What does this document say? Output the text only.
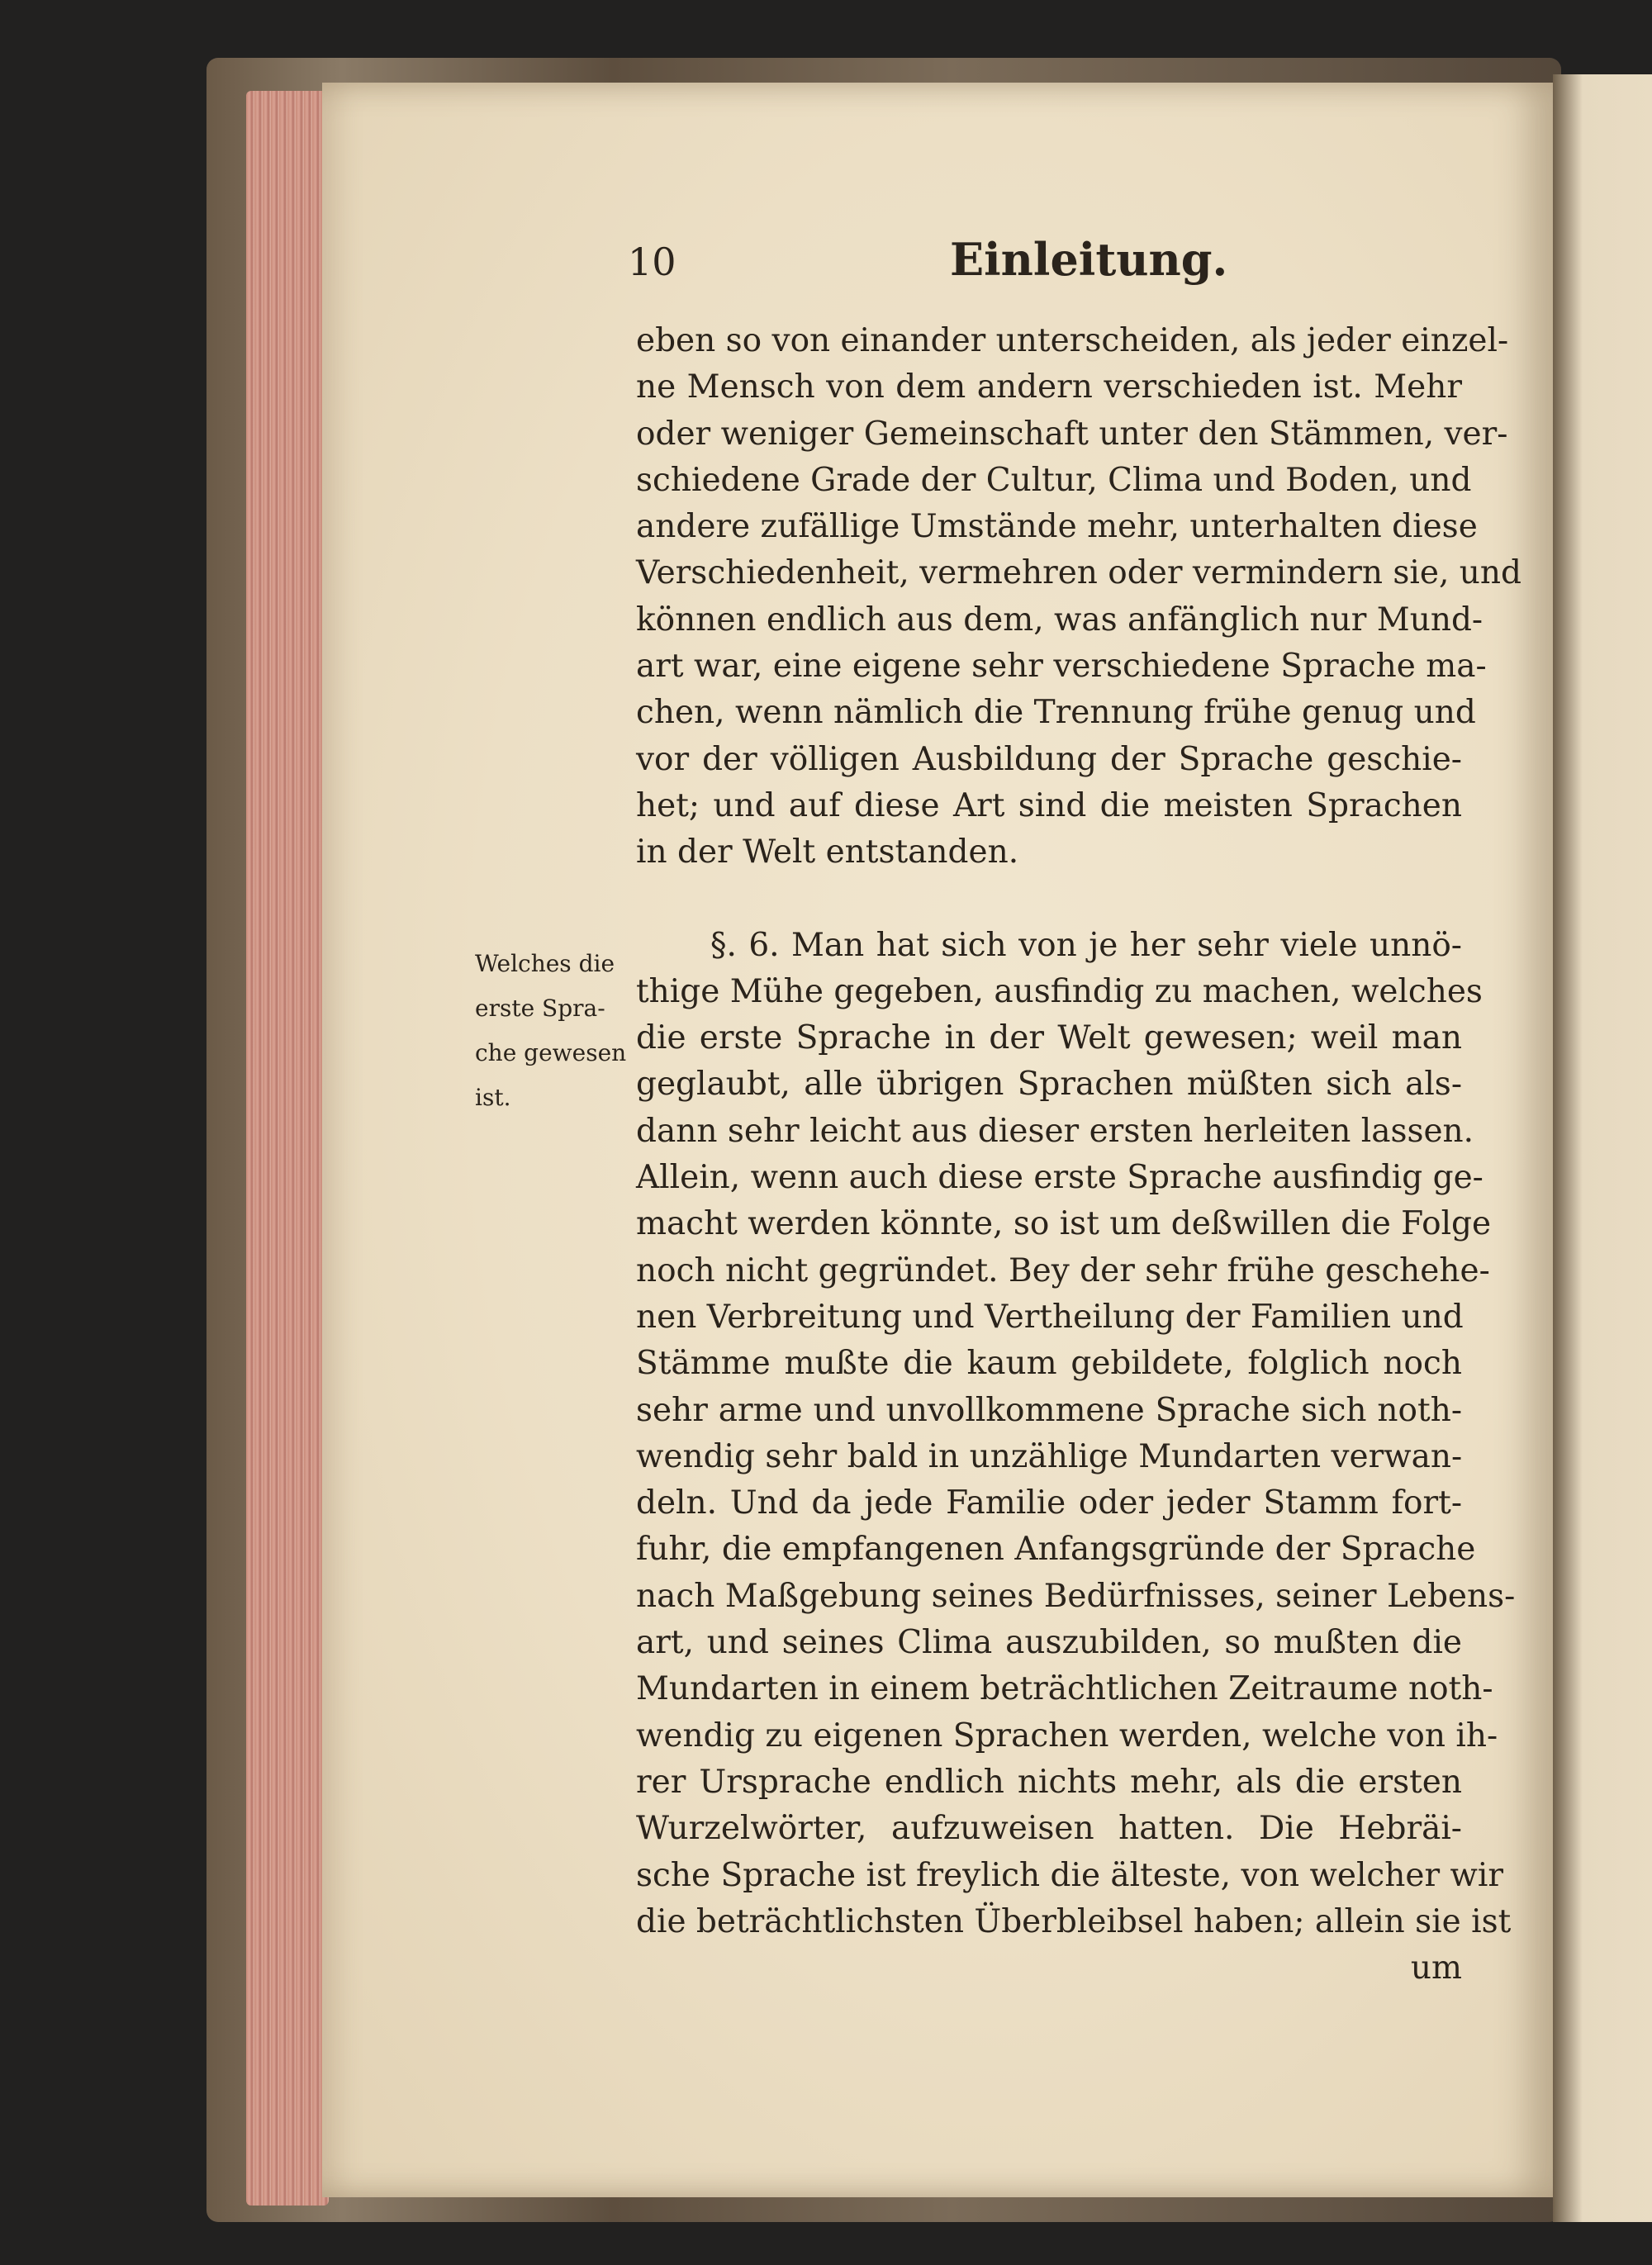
10	Einleitung.
Welches die
erste Spra-
che gewesen
ist.
eben so von einander unterscheiden, als jeder einzel-
ne Mensch von dem andern verschieden ist. Mehr
oder weniger Gemeinschaft unter den Stämmen, ver-
schiedene Grade der Cultur, Clima und Boden, und
andere zufällige Umstände mehr, unterhalten diese
Verschiedenheit, vermehren oder vermindern sie, und
können endlich aus dem, was anfänglich nur Mund-
art war, eine eigene sehr verschiedene Sprache ma-
chen, wenn nämlich die Trennung frühe genug und
vor der völligen Ausbildung der Sprache geschie-
het; und auf diese Art sind die meisten Sprachen
in der Welt entstanden.
§. 6. Man hat sich von je her sehr viele unnö-
thige Mühe gegeben, ausfindig zu machen, welches
die erste Sprache in der Welt gewesen; weil man
geglaubt, alle übrigen Sprachen müßten sich als-
dann sehr leicht aus dieser ersten herleiten lassen.
Allein, wenn auch diese erste Sprache ausfindig ge-
macht werden könnte, so ist um deßwillen die Folge
noch nicht gegründet. Bey der sehr frühe geschehe-
nen Verbreitung und Vertheilung der Familien und
Stämme mußte die kaum gebildete, folglich noch
sehr arme und unvollkommene Sprache sich noth-
wendig sehr bald in unzählige Mundarten verwan-
deln. Und da jede Familie oder jeder Stamm fort-
fuhr, die empfangenen Anfangsgründe der Sprache
nach Maßgebung seines Bedürfnisses, seiner Lebens-
art, und seines Clima auszubilden, so mußten die
Mundarten in einem beträchtlichen Zeitraume noth-
wendig zu eigenen Sprachen werden, welche von ih-
rer Ursprache endlich nichts mehr, als die ersten
Wurzelwörter, aufzuweisen hatten. Die Hebräi-
sche Sprache ist freylich die älteste, von welcher wir
die beträchtlichsten Überbleibsel haben; allein sie ist
um
